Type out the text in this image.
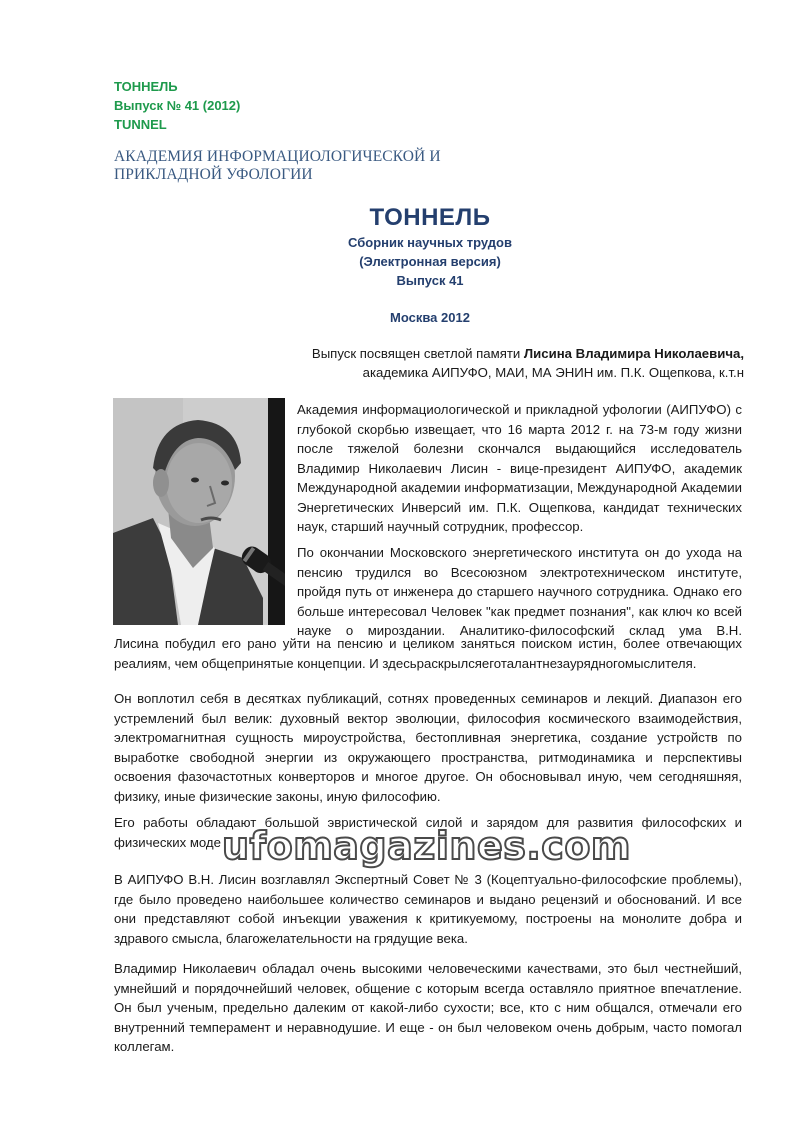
ТОННЕЛЬ
Выпуск № 41 (2012)
TUNNEL
АКАДЕМИЯ ИНФОРМАЦИОЛОГИЧЕСКОЙ И
ПРИКЛАДНОЙ УФОЛОГИИ
ТОННЕЛЬ
Сборник научных трудов
(Электронная версия)
Выпуск 41
Москва 2012
Выпуск посвящен светлой памяти Лисина Владимира Николаевича,
академика АИПУФО, МАИ, МА ЭНИН им. П.К. Ощепкова, к.т.н
Академия информациологической и прикладной уфологии (АИПУФО) с глубокой скорбью извещает, что 16 марта 2012 г. на 73-м году жизни после тяжелой болезни скончался выдающийся исследователь Владимир Николаевич Лисин - вице-президент АИПУФО, академик Международной академии информатизации, Международной Академии Энергетических Инверсий им. П.К. Ощепкова, кандидат технических наук, старший научный сотрудник, профессор.
По окончании Московского энергетического института он до ухода на пенсию трудился во Всесоюзном электротехническом институте, пройдя путь от инженера до старшего научного сотрудника. Однако его больше интересовал Человек "как предмет познания", как ключ ко всей науке о мироздании. Аналитико-философский склад ума В.Н.
Лисина побудил его рано уйти на пенсию и целиком заняться поиском истин, более отвечающих реалиям, чем общепринятые концепции. И здесьраскрылсяеготалантнезаурядногомыслителя.
Он воплотил себя в десятках публикаций, сотнях проведенных семинаров и лекций. Диапазон его устремлений был велик: духовный вектор эволюции, философия космического взаимодействия, электромагнитная сущность мироустройства, бестопливная энергетика, создание устройств по выработке свободной энергии из окружающего пространства, ритмодинамика и перспективы освоения фазочастотных конверторов и многое другое. Он обосновывал иную, чем сегодняшняя, физику, иные физические законы, иную философию.
Его работы обладают большой эвристической силой и зарядом для развития философских и
физических моде
В АИПУФО В.Н. Лисин возглавлял Экспертный Совет № 3 (Коцептуально-философские проблемы), где было проведено наибольшее количество семинаров и выдано рецензий и обоснований. И все они представляют собой инъекции уважения к критикуемому, построены на монолите добра и здравого смысла, благожелательности на грядущие века.
Владимир Николаевич обладал очень высокими человеческими качествами, это был честнейший, умнейший и порядочнейший человек, общение с которым всегда оставляло приятное впечатление. Он был ученым, предельно далеким от какой-либо сухости; все, кто с ним общался, отмечали его внутренний темперамент и неравнодушие. И еще - он был человеком очень добрым, часто помогал коллегам.
ufomagazines.com
